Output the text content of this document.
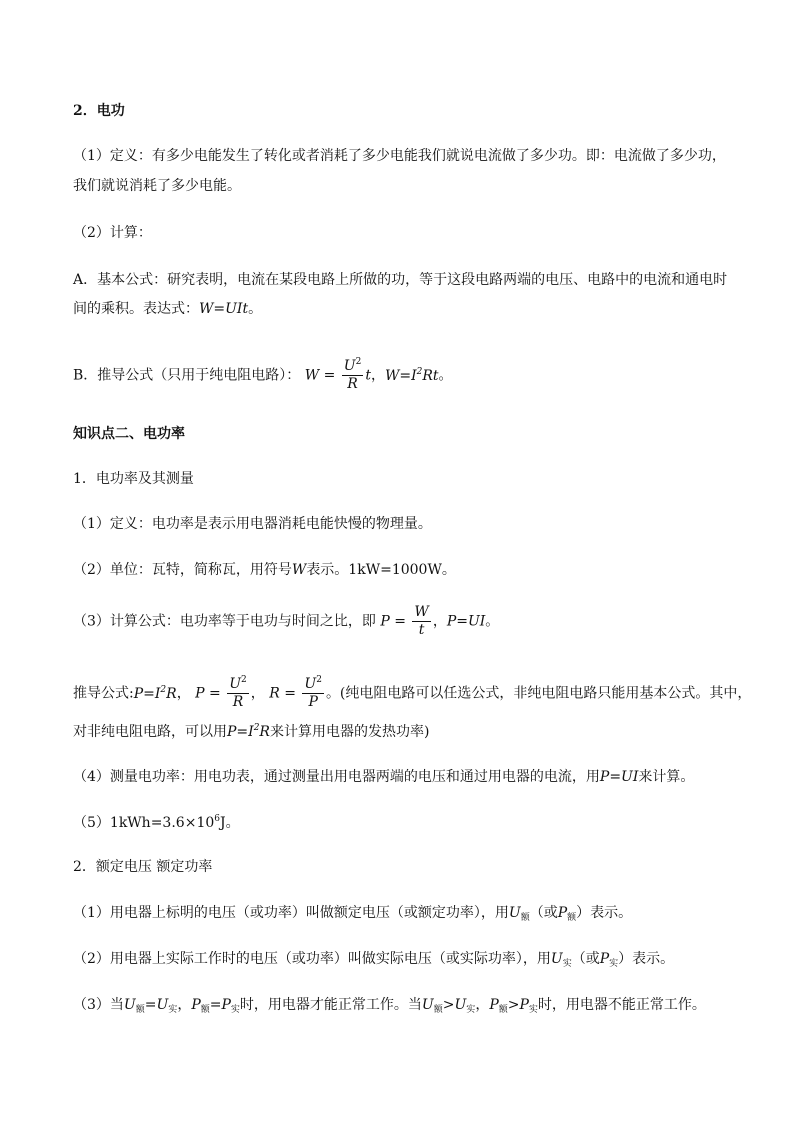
2．电功
（1）定义：有多少电能发生了转化或者消耗了多少电能我们就说电流做了多少功。即：电流做了多少功，
我们就说消耗了多少电能。
（2）计算：
A．基本公式：研究表明，电流在某段电路上所做的功，等于这段电路两端的电压、电路中的电流和通电时
间的乘积。表达式：W=UIt。
B．推导公式（只用于纯电阻电路）： $W = \frac{U^2}{R}$ t，$W=I^2Rt$。
知识点二、电功率
1．电功率及其测量
（1）定义：电功率是表示用电器消耗电能快慢的物理量。
（2）单位：瓦特，简称瓦，用符号W表示。1kW=1000W。
（3）计算公式：电功率等于电功与时间之比，即 $P = \frac{W}{t}$ ，P=UI。
推导公式$:P=I^2R$， $P = \frac{U^2}{R}$ ， $R = \frac{U^2}{P}$ 。(纯电阻电路可以任选公式，非纯电阻电路只能用基本公式。其中，
对非纯电阻电路，可以用$P=I^2R$来计算用电器的发热功率)
（4）测量电功率：用电功表，通过测量出用电器两端的电压和通过用电器的电流，用P=UI来计算。
$(5)1kWh=3.6\times 10^6J$。
2．额定电压 额定功率
（1）用电器上标明的电压（或功率）叫做额定电压（或额定功率），用$U_额$（或$P_额$）表示。
（2）用电器上实际工作时的电压（或功率）叫做实际电压（或实际功率），用$U_实$（或$P_实$）表示。
（3）当$U_额=U_实$，$P_额=P_实$时，用电器才能正常工作。当$U_额>U_实$，$P_额>P_实$时，用电器不能正常工作。
